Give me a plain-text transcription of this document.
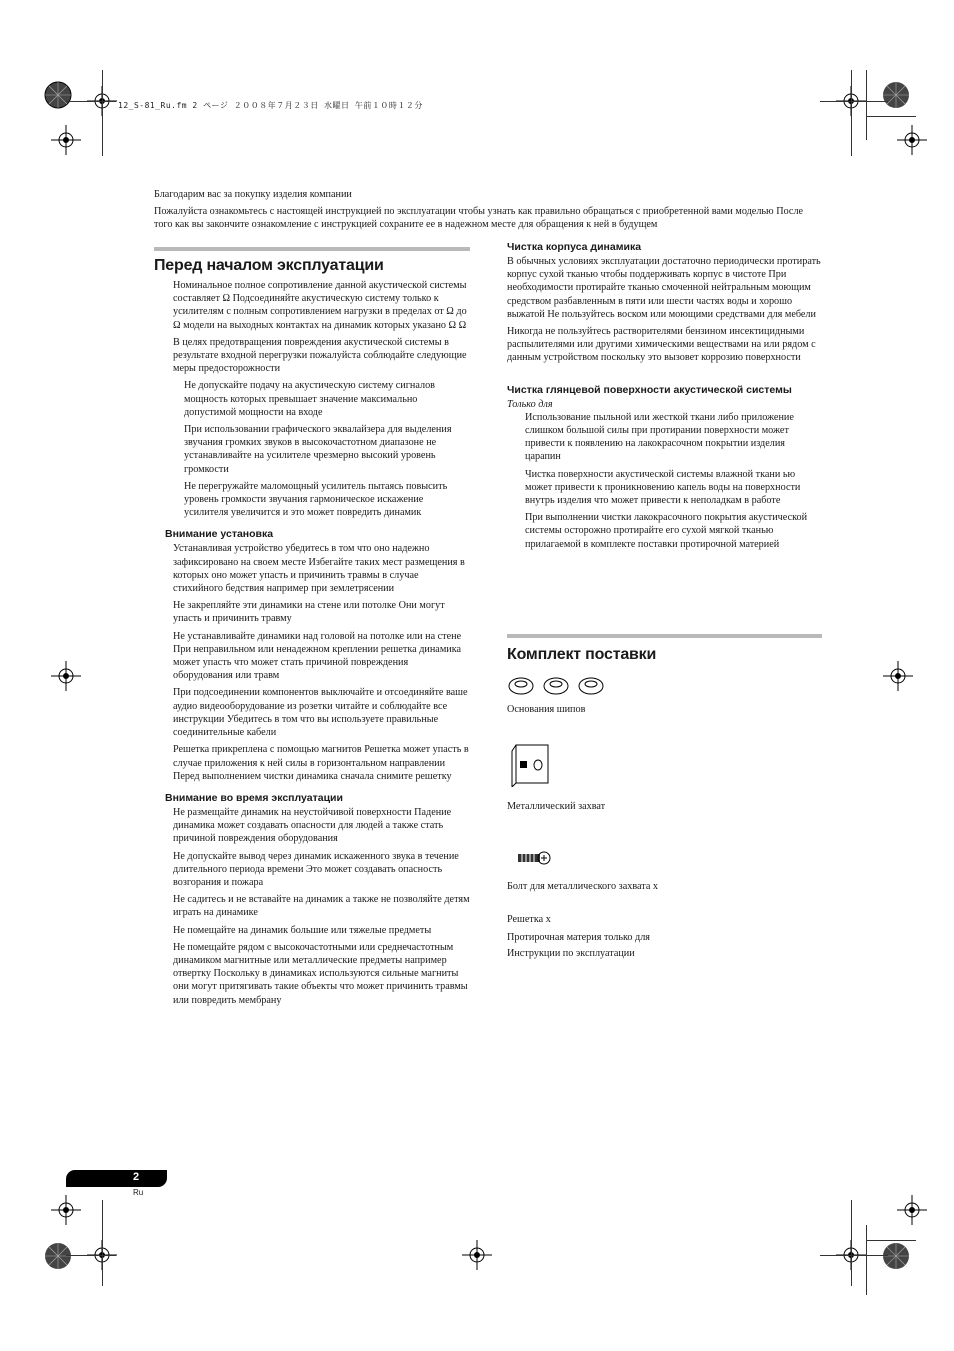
12_S-81_Ru.fm 2 ページ ２００８年７月２３日 水曜日 午前１０時１２分

Благодарим вас за покупку изделия компании

Пожалуйста ознакомьтесь с настоящей инструкцией по эксплуатации чтобы узнать как правильно обращаться с приобретенной вами моделью После того как вы закончите ознакомление с инструкцией сохраните ее в надежном месте для обращения к ней в будущем

Перед началом эксплуатации

Номинальное полное сопротивление данной акустической системы составляет Ω Подсоединяйте акустическую систему только к усилителям с полным сопротивлением нагрузки в пределах от Ω до Ω модели на выходных контактах на динамик которых указано Ω Ω

В целях предотвращения повреждения акустической системы в результате входной перегрузки пожалуйста соблюдайте следующие меры предосторожности

Не допускайте подачу на акустическую систему сигналов мощность которых превышает значение максимально допустимой мощности на входе

При использовании графического эквалайзера для выделения звучания громких звуков в высокочастотном диапазоне не устанавливайте на усилителе чрезмерно высокий уровень громкости

Не перегружайте маломощный усилитель пытаясь повысить уровень громкости звучания гармоническое искажение усилителя увеличится и это может повредить динамик

Внимание установка

Устанавливая устройство убедитесь в том что оно надежно зафиксировано на своем месте Избегайте таких мест размещения в которых оно может упасть и причинить травмы в случае стихийного бедствия например при землетрясении

Не закрепляйте эти динамики на стене или потолке Они могут упасть и причинить травму

Не устанавливайте динамики над головой на потолке или на стене При неправильном или ненадежном креплении решетка динамика может упасть что может стать причиной повреждения оборудования или травм

При подсоединении компонентов выключайте и отсоединяйте ваше аудио видеооборудование из розетки читайте и соблюдайте все инструкции Убедитесь в том что вы используете правильные соединительные кабели

Решетка прикреплена с помощью магнитов Решетка может упасть в случае приложения к ней силы в горизонтальном направлении Перед выполнением чистки динамика сначала снимите решетку

Внимание во время эксплуатации

Не размещайте динамик на неустойчивой поверхности Падение динамика может создавать опасности для людей а также стать причиной повреждения оборудования

Не допускайте вывод через динамик искаженного звука в течение длительного периода времени Это может создавать опасность возгорания и пожара

Не садитесь и не вставайте на динамик а также не позволяйте детям играть на динамике

Не помещайте на динамик большие или тяжелые предметы

Не помещайте рядом с высокочастотными или среднечастотным динамиком магнитные или металлические предметы например отвертку Поскольку в динамиках используются сильные магниты они могут притягивать такие объекты что может причинить травмы или повредить мембрану

Чистка корпуса динамика

В обычных условиях эксплуатации достаточно периодически протирать корпус сухой тканью чтобы поддерживать корпус в чистоте При необходимости протирайте тканью смоченной нейтральным моющим средством разбавленным в пяти или шести частях воды и хорошо выжатой Не пользуйтесь воском или моющими средствами для мебели

Никогда не пользуйтесь растворителями бензином инсектицидными распылителями или другими химическими веществами на или рядом с данным устройством поскольку это вызовет коррозию поверхности

Чистка глянцевой поверхности акустической системы

Только для

Использование пыльной или жесткой ткани либо приложение слишком большой силы при протирании поверхности может привести к появлению на лакокрасочном покрытии изделия царапин

Чистка поверхности акустической системы влажной ткани ью может привести к проникновению капель воды на поверхности внутрь изделия что может привести к неполадкам в работе

При выполнении чистки лакокрасочного покрытия акустической системы осторожно протирайте его сухой мягкой тканью прилагаемой в комплекте поставки протирочной материей

Комплект поставки

Основания шипов

Металлический захват

Болт для металлического захвата х

Решетка х

Протирочная материя только для

Инструкции по эксплуатации

2
Ru
